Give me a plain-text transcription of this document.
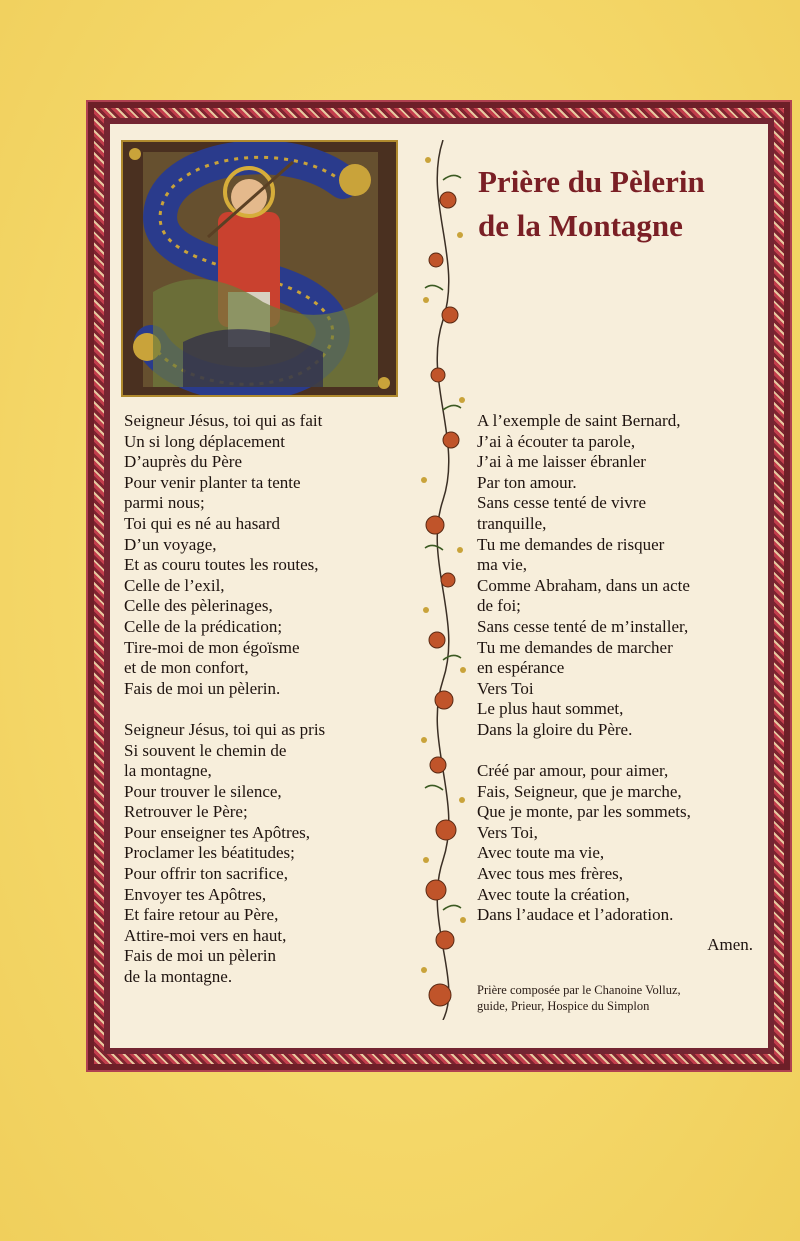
Prière du Pèlerin
de la Montagne
Seigneur Jésus, toi qui as fait
Un si long déplacement
D’auprès du Père
Pour venir planter ta tente
parmi nous;
Toi qui es né au hasard
D’un voyage,
Et as couru toutes les routes,
Celle de l’exil,
Celle des pèlerinages,
Celle de la prédication;
Tire-moi de mon égoïsme
et de mon confort,
Fais de moi un pèlerin.
Seigneur Jésus, toi qui as pris
Si souvent le chemin de
la montagne,
Pour trouver le silence,
Retrouver le Père;
Pour enseigner tes Apôtres,
Proclamer les béatitudes;
Pour offrir ton sacrifice,
Envoyer tes Apôtres,
Et faire retour au Père,
Attire-moi vers en haut,
Fais de moi un pèlerin
de la montagne.
A l’exemple de saint Bernard,
J’ai à écouter ta parole,
J’ai à me laisser ébranler
Par ton amour.
Sans cesse tenté de vivre
tranquille,
Tu me demandes de risquer
ma vie,
Comme Abraham, dans un acte
de foi;
Sans cesse tenté de m’installer,
Tu me demandes de marcher
en espérance
Vers Toi
Le plus haut sommet,
Dans la gloire du Père.
Créé par amour, pour aimer,
Fais, Seigneur, que je marche,
Que je monte, par les sommets,
Vers Toi,
Avec toute ma vie,
Avec tous mes frères,
Avec toute la création,
Dans l’audace et l’adoration.
Amen.
Prière composée par le Chanoine Volluz,
guide, Prieur, Hospice du Simplon
